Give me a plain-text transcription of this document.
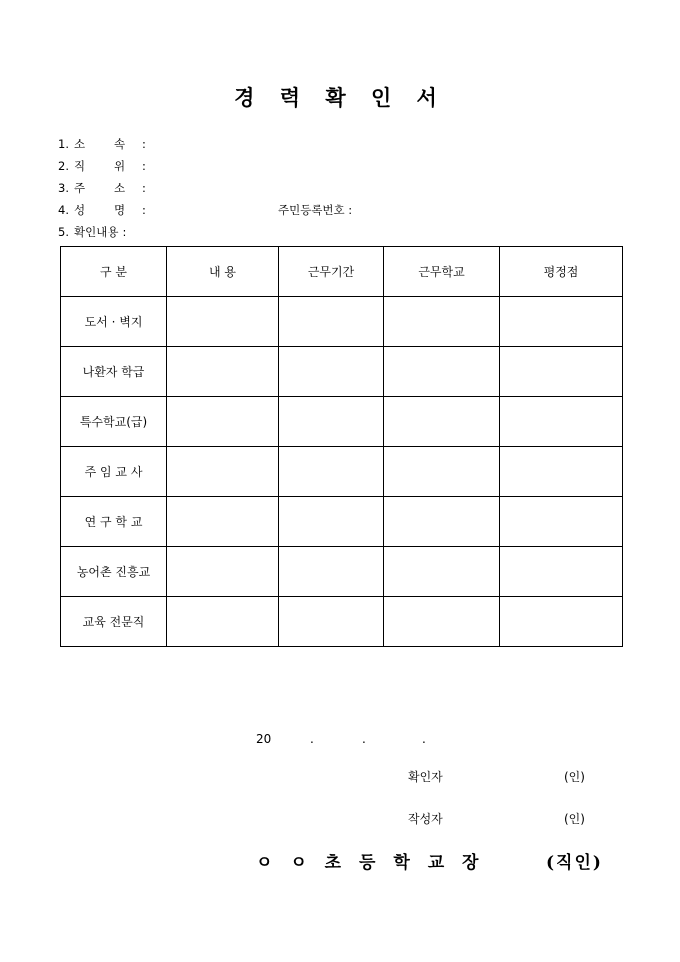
경 력 확 인 서
1. 소	속 :
2. 직	위 :
3. 주	소 :
4. 성	명 :	주민등록번호 :
5. 확인내용 :
구 분	내 용	근무기간	근무학교	평정점
도서 · 벽지				
나환자 학급				
특수학교(급)				
주 임 교 사				
연 구 학 교				
농어촌 진흥교				
교육 전문직				
20	.	.	.
확인자	(인)
작성자	(인)
ㅇ ㅇ 초 등 학 교 장	(직인)
